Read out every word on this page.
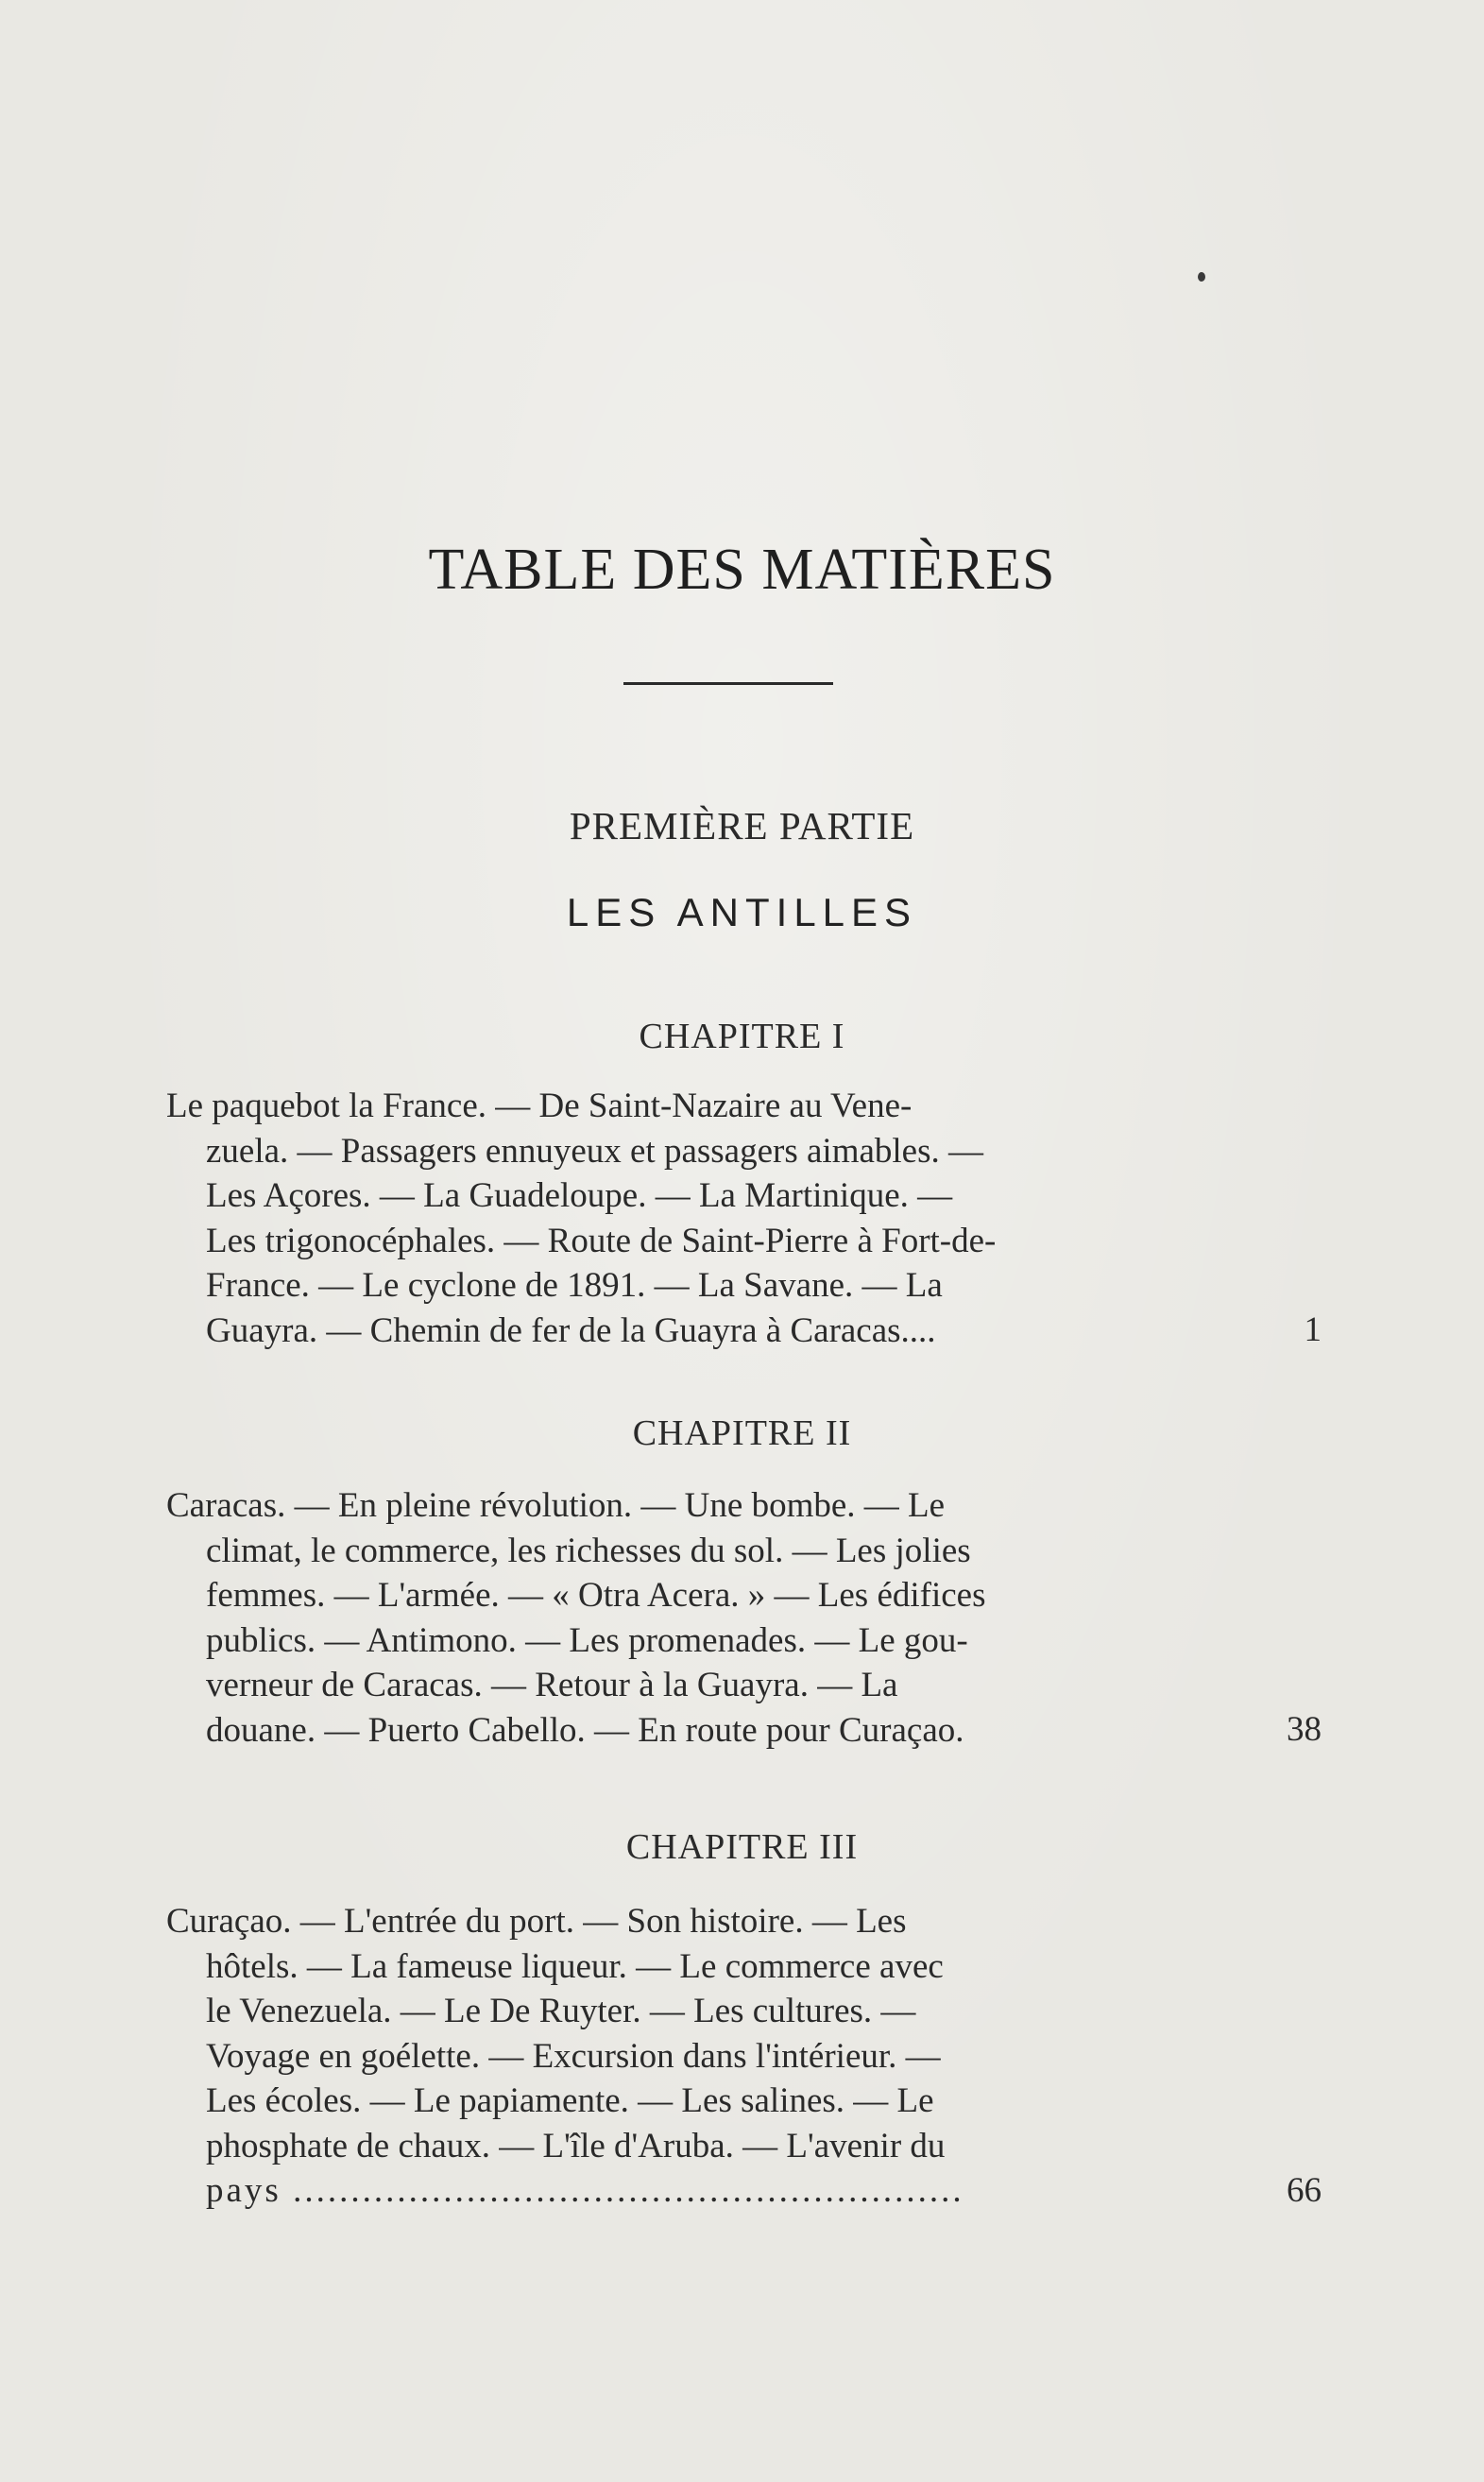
TABLE DES MATIÈRES
PREMIÈRE PARTIE
LES ANTILLES
CHAPITRE I
Le paquebot la France. — De Saint-Nazaire au Vene-
zuela. — Passagers ennuyeux et passagers aimables. —
Les Açores. — La Guadeloupe. — La Martinique. —
Les trigonocéphales. — Route de Saint-Pierre à Fort-de-
France. — Le cyclone de 1891. — La Savane. — La
Guayra. — Chemin de fer de la Guayra à Caracas....	1
CHAPITRE II
Caracas. — En pleine révolution. — Une bombe. — Le
climat, le commerce, les richesses du sol. — Les jolies
femmes. — L'armée. — « Otra Acera. » — Les édifices
publics. — Antimono. — Les promenades. — Le gou-
verneur de Caracas. — Retour à la Guayra. — La
douane. — Puerto Cabello. — En route pour Curaçao.	38
CHAPITRE III
Curaçao. — L'entrée du port. — Son histoire. — Les
hôtels. — La fameuse liqueur. — Le commerce avec
le Venezuela. — Le De Ruyter. — Les cultures. —
Voyage en goélette. — Excursion dans l'intérieur. —
Les écoles. — Le papiamente. — Les salines. — Le
phosphate de chaux. — L'île d'Aruba. — L'avenir du
pays ..........................................................	66
